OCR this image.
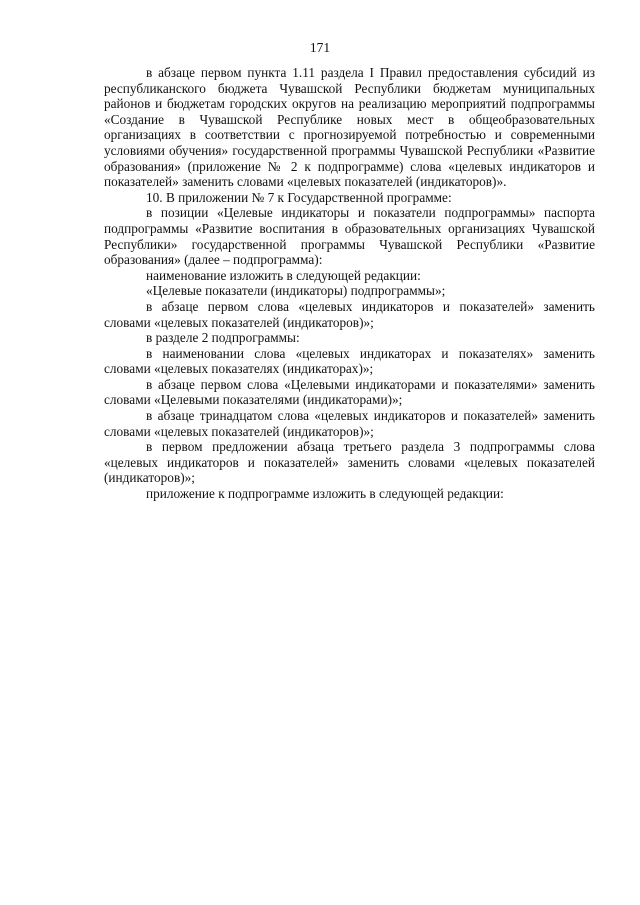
171

в абзаце первом пункта 1.11 раздела I Правил предоставления субсидий из республиканского бюджета Чувашской Республики бюджетам муниципальных районов и бюджетам городских округов на реализацию мероприятий подпрограммы «Создание в Чувашской Республике новых мест в общеобразовательных организациях в соответствии с прогнозируемой потребностью и современными условиями обучения» государственной программы Чувашской Республики «Развитие образования» (приложение № 2 к подпрограмме) слова «целевых индикаторов и показателей» заменить словами «целевых показателей (индикаторов)».

10. В приложении № 7 к Государственной программе:

в позиции «Целевые индикаторы и показатели подпрограммы» паспорта подпрограммы «Развитие воспитания в образовательных организациях Чувашской Республики» государственной программы Чувашской Республики «Развитие образования» (далее – подпрограмма):

наименование изложить в следующей редакции:

«Целевые показатели (индикаторы) подпрограммы»;

в абзаце первом слова «целевых индикаторов и показателей» заменить словами «целевых показателей (индикаторов)»;

в разделе 2 подпрограммы:

в наименовании слова «целевых индикаторах и показателях» заменить словами «целевых показателях (индикаторах)»;

в абзаце первом слова «Целевыми индикаторами и показателями» заменить словами «Целевыми показателями (индикаторами)»;

в абзаце тринадцатом слова «целевых индикаторов и показателей» заменить словами «целевых показателей (индикаторов)»;

в первом предложении абзаца третьего раздела 3 подпрограммы слова «целевых индикаторов и показателей» заменить словами «целевых показателей (индикаторов)»;

приложение к подпрограмме изложить в следующей редакции:
